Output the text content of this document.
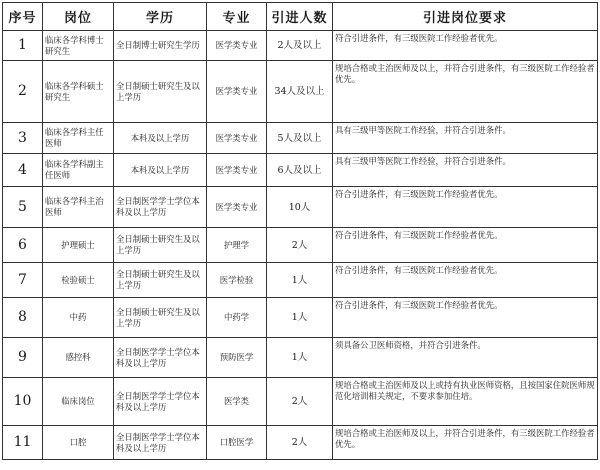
序号	岗位	学历	专业	引进人数	引进岗位要求
1	临床各学科博士研究生	全日制博士研究生学历	医学类专业	2人及以上	符合引进条件，有三级医院工作经验者优先。
2	临床各学科硕士研究生	全日制硕士研究生及以上学历	医学类专业	34人及以上	规培合格或主治医师及以上，并符合引进条件，有三级医院工作经验者优先。
3	临床各学科主任医师	本科及以上学历	医学类专业	5人及以上	具有三级甲等医院工作经验，并符合引进条件。
4	临床各学科副主任医师	本科及以上学历	医学类专业	6人及以上	具有三级甲等医院工作经验，并符合引进条件。
5	临床各学科主治医师	全日制医学学士学位本科及以上学历	医学类专业	10人	符合引进条件，有三级医院工作经验者优先。
6	护理硕士	全日制硕士研究生及以上学历	护理学	2人	符合引进条件，有三级医院工作经验者优先。
7	检验硕士	全日制硕士研究生及以上学历	医学检验	1人	符合引进条件，有三级医院工作经验者优先。
8	中药	全日制硕士研究生及以上学历	中药学	1人	符合引进条件，有三级医院工作经验者优先。
9	感控科	全日制医学学士学位本科及以上学历	预防医学	1人	须具备公卫医师资格，并符合引进条件。
10	临床岗位	全日制医学学士学位本科及以上学历	医学类	2人	规培合格或主治医师及以上或持有执业医师资格，且按国家住院医师规范化培训相关规定，不要求参加住培。
11	口腔	全日制医学学士学位本科及以上学历	口腔医学	2人	规培合格或主治医师及以上，并符合引进条件，有三级医院工作经验者优先。
